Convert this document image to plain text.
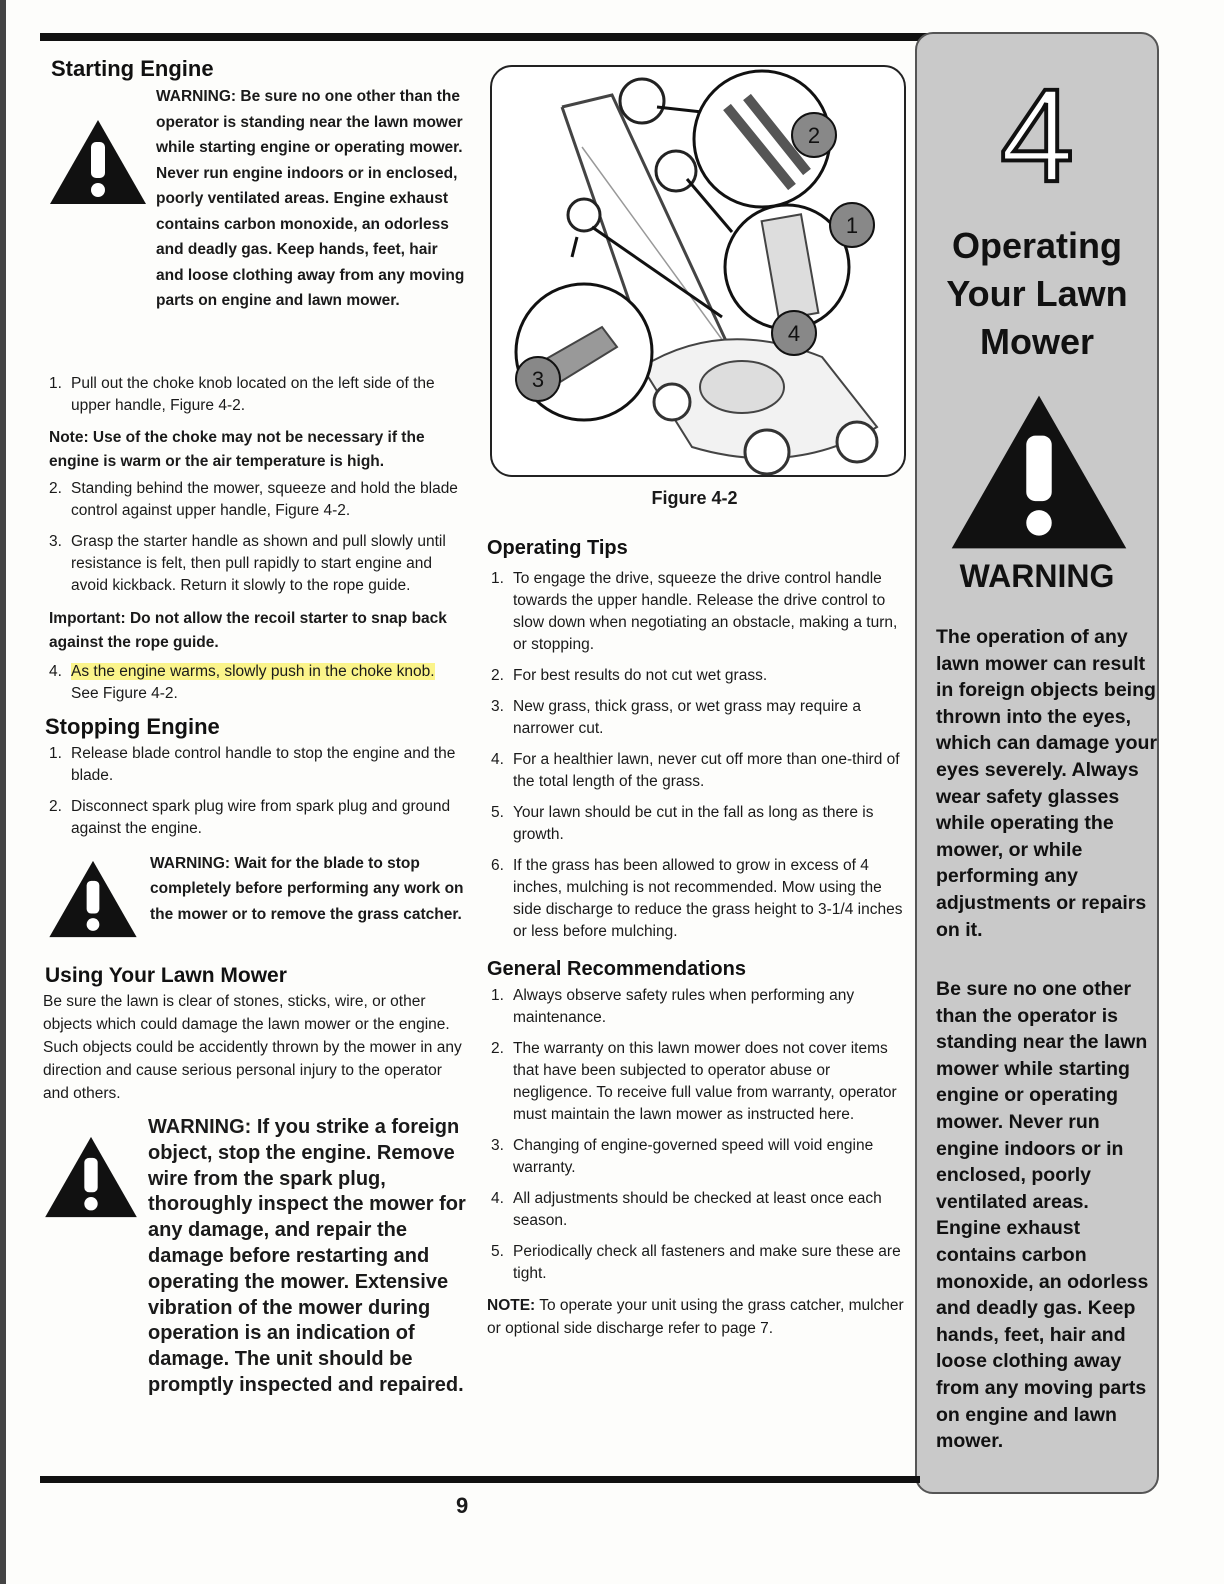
Starting Engine
WARNING: Be sure no one other than the operator is standing near the lawn mower while starting engine or operating mower. Never run engine indoors or in enclosed, poorly ventilated areas. Engine exhaust contains carbon monoxide, an odorless and deadly gas. Keep hands, feet, hair and loose clothing away from any moving parts on engine and lawn mower.
1. Pull out the choke knob located on the left side of the upper handle, Figure 4-2.
Note: Use of the choke may not be necessary if the engine is warm or the air temperature is high.
2. Standing behind the mower, squeeze and hold the blade control against upper handle, Figure 4-2.
3. Grasp the starter handle as shown and pull slowly until resistance is felt, then pull rapidly to start engine and avoid kickback. Return it slowly to the rope guide.
Important: Do not allow the recoil starter to snap back against the rope guide.
4. As the engine warms, slowly push in the choke knob.
See Figure 4-2.
Stopping Engine
1. Release blade control handle to stop the engine and the blade.
2. Disconnect spark plug wire from spark plug and ground against the engine.
WARNING: Wait for the blade to stop completely before performing any work on the mower or to remove the grass catcher.
Using Your Lawn Mower
Be sure the lawn is clear of stones, sticks, wire, or other objects which could damage the lawn mower or the engine. Such objects could be accidently thrown by the mower in any direction and cause serious personal injury to the operator and others.
WARNING: If you strike a foreign object, stop the engine. Remove wire from the spark plug, thoroughly inspect the mower for any damage, and repair the damage before restarting and operating the mower. Extensive vibration of the mower during operation is an indication of damage. The unit should be promptly inspected and repaired.
2
1
3
4
Figure 4-2
Operating Tips
1. To engage the drive, squeeze the drive control handle towards the upper handle. Release the drive control to slow down when negotiating an obstacle, making a turn, or stopping.
2. For best results do not cut wet grass.
3. New grass, thick grass, or wet grass may require a narrower cut.
4. For a healthier lawn, never cut off more than one-third of the total length of the grass.
5. Your lawn should be cut in the fall as long as there is growth.
6. If the grass has been allowed to grow in excess of 4 inches, mulching is not recommended. Mow using the side discharge to reduce the grass height to 3-1/4 inches or less before mulching.
General Recommendations
1. Always observe safety rules when performing any maintenance.
2. The warranty on this lawn mower does not cover items that have been subjected to operator abuse or negligence. To receive full value from warranty, operator must maintain the lawn mower as instructed here.
3. Changing of engine-governed speed will void engine warranty.
4. All adjustments should be checked at least once each season.
5. Periodically check all fasteners and make sure these are tight.
NOTE: To operate your unit using the grass catcher, mulcher or optional side discharge refer to page 7.
4
Operating
Your Lawn
Mower
WARNING
The operation of any lawn mower can result in foreign objects being thrown into the eyes, which can damage your eyes severely. Always wear safety glasses while operating the mower, or while performing any adjustments or repairs on it.
Be sure no one other than the operator is standing near the lawn mower while starting engine or operating mower. Never run engine indoors or in enclosed, poorly ventilated areas. Engine exhaust contains carbon monoxide, an odorless and deadly gas. Keep hands, feet, hair and loose clothing away from any moving parts on engine and lawn mower.
9
